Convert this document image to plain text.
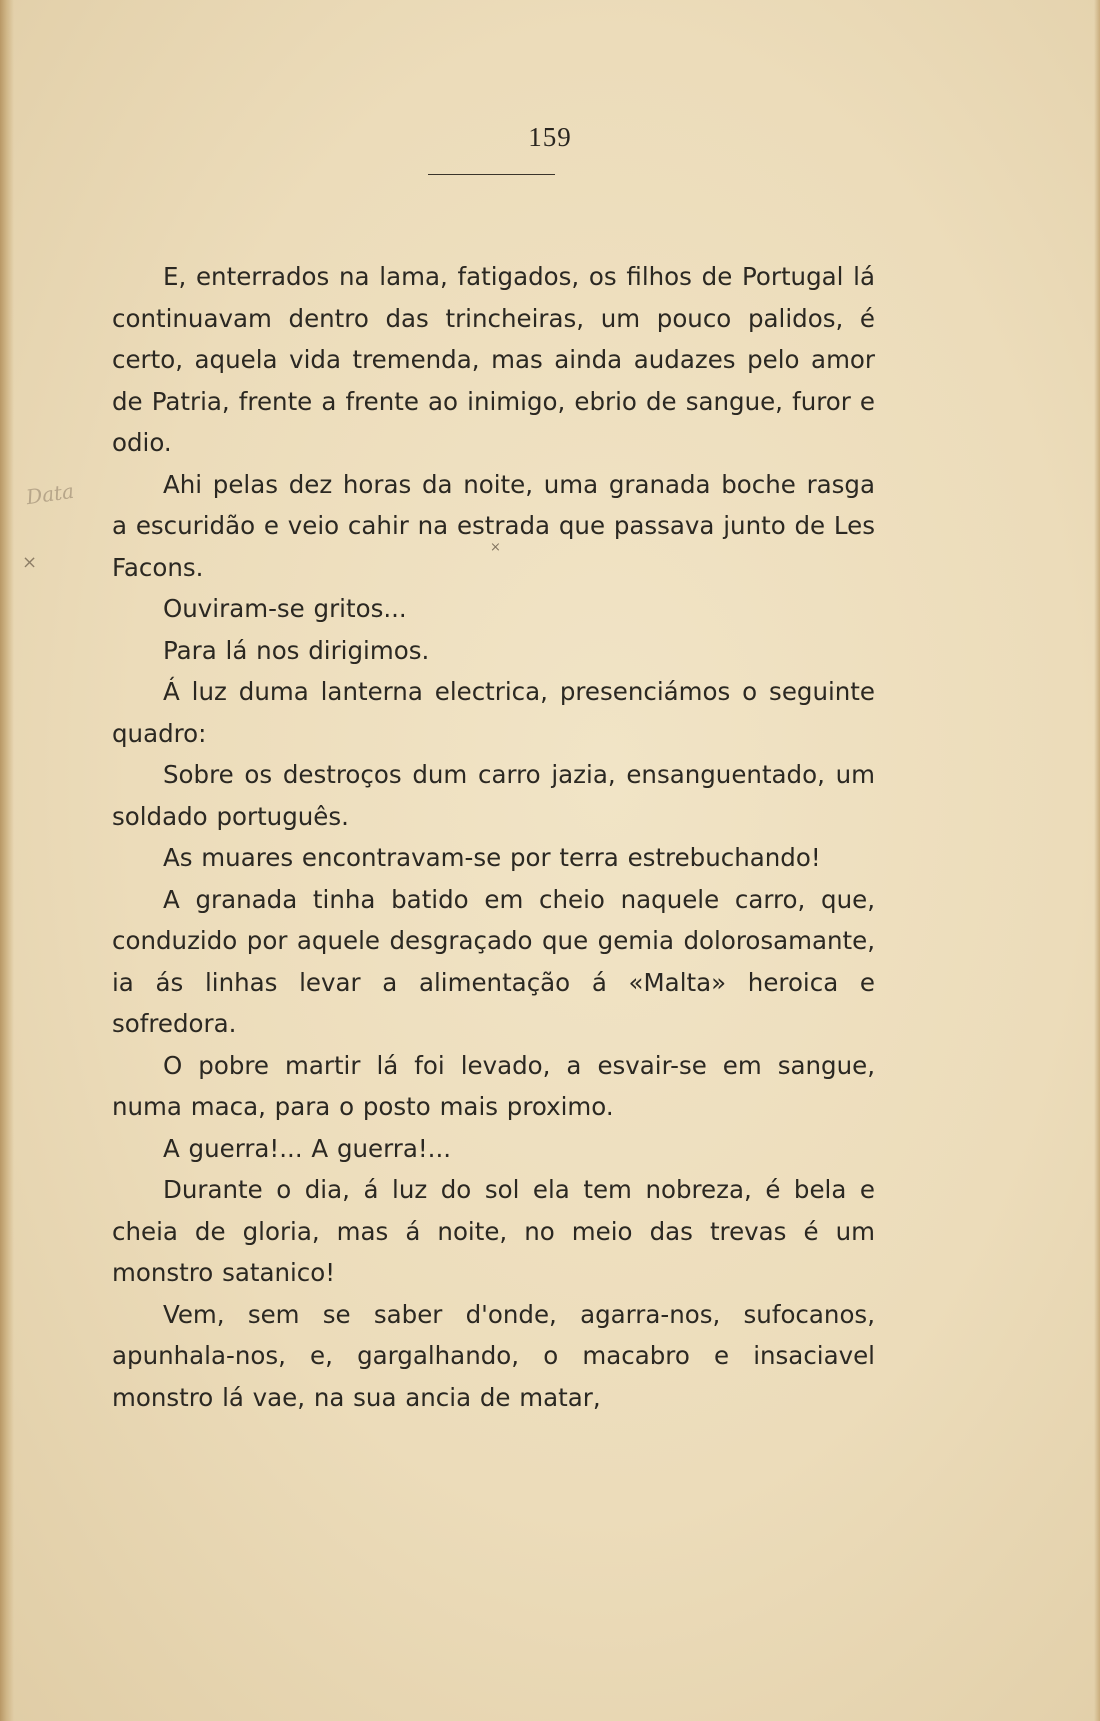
159
Data
×
×

E, enterrados na lama, fatigados, os filhos de Portugal lá continuavam dentro das trincheiras, um pouco palidos, é certo, aquela vida tremenda, mas ainda audazes pelo amor de Patria, frente a frente ao inimigo, ebrio de sangue, furor e odio.

Ahi pelas dez horas da noite, uma granada boche rasga a escuridão e veio cahir na estrada que passava junto de Les Facons.

Ouviram-se gritos...

Para lá nos dirigimos.

Á luz duma lanterna electrica, presenciámos o seguinte quadro:

Sobre os destroços dum carro jazia, ensanguentado, um soldado português.

As muares encontravam-se por terra estrebuchando!

A granada tinha batido em cheio naquele carro, que, conduzido por aquele desgraçado que gemia dolorosamante, ia ás linhas levar a alimentação á «Malta» heroica e sofredora.

O pobre martir lá foi levado, a esvair-se em sangue, numa maca, para o posto mais proximo.

A guerra!... A guerra!...

Durante o dia, á luz do sol ela tem nobreza, é bela e cheia de gloria, mas á noite, no meio das trevas é um monstro satanico!

Vem, sem se saber d'onde, agarra-nos, sufocanos, apunhala-nos, e, gargalhando, o macabro e insaciavel monstro lá vae, na sua ancia de matar,
